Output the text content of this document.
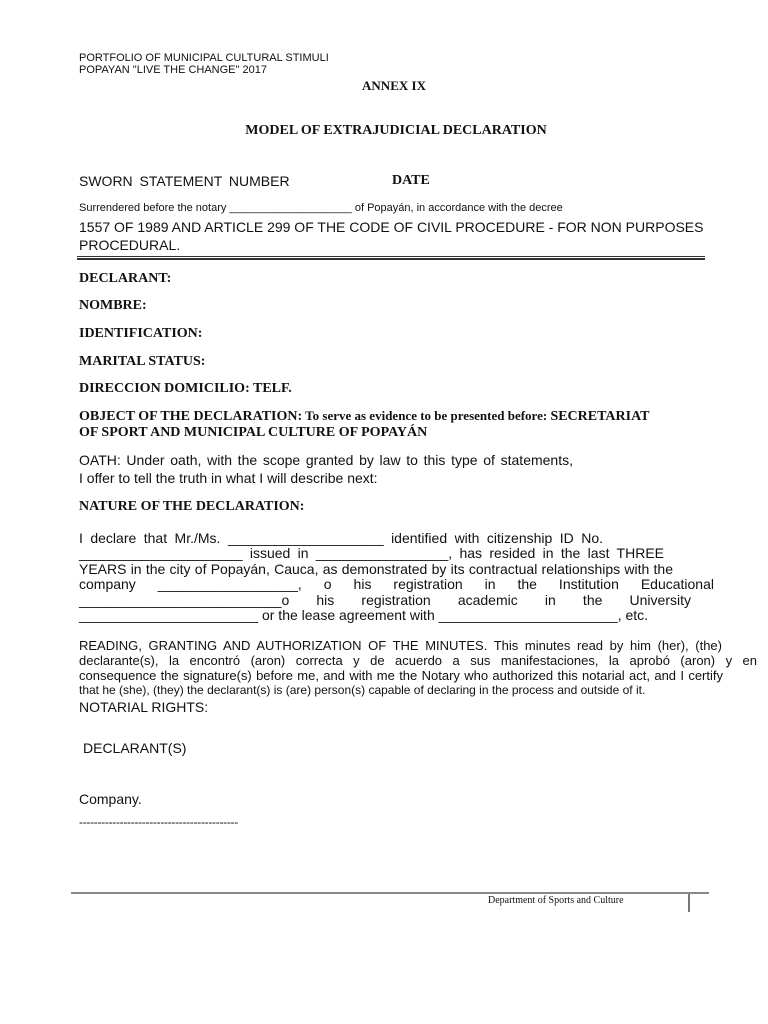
PORTFOLIO OF MUNICIPAL CULTURAL STIMULI
POPAYAN "LIVE THE CHANGE" 2017
ANNEX IX
MODEL OF EXTRAJUDICIAL DECLARATION
SWORN STATEMENT NUMBER	DATE
Surrendered before the notary ____________________ of Popayán, in accordance with the decree
1557 OF 1989 AND ARTICLE 299 OF THE CODE OF CIVIL PROCEDURE - FOR NON PURPOSES
PROCEDURAL.
DECLARANT:
NOMBRE:
IDENTIFICATION:
MARITAL STATUS:
DIRECCION DOMICILIO: TELF.
OBJECT OF THE DECLARATION: To serve as evidence to be presented before: SECRETARIAT
OF SPORT AND MUNICIPAL CULTURE OF POPAYÁN
OATH: Under oath, with the scope granted by law to this type of statements,
I offer to tell the truth in what I will describe next:
NATURE OF THE DECLARATION:
I declare that Mr./Ms. ____________________ identified with citizenship ID No.
_____________________ issued in _________________, has resided in the last THREE
YEARS in the city of Popayán, Cauca, as demonstrated by its contractual relationships with the
company __________________, o his registration in the Institution Educational
__________________________o his registration academic in the University
_______________________ or the lease agreement with _______________________, etc.
READING, GRANTING AND AUTHORIZATION OF THE MINUTES. This minutes read by him (her), (the)
declarante(s), la encontró (aron) correcta y de acuerdo a sus manifestaciones, la aprobó (aron) y en
consequence the signature(s) before me, and with me the Notary who authorized this notarial act, and I certify
that he (she), (they) the declarant(s) is (are) person(s) capable of declaring in the process and outside of it.
NOTARIAL RIGHTS:
DECLARANT(S)
Company.
-------------------------------------------
Department of Sports and Culture
